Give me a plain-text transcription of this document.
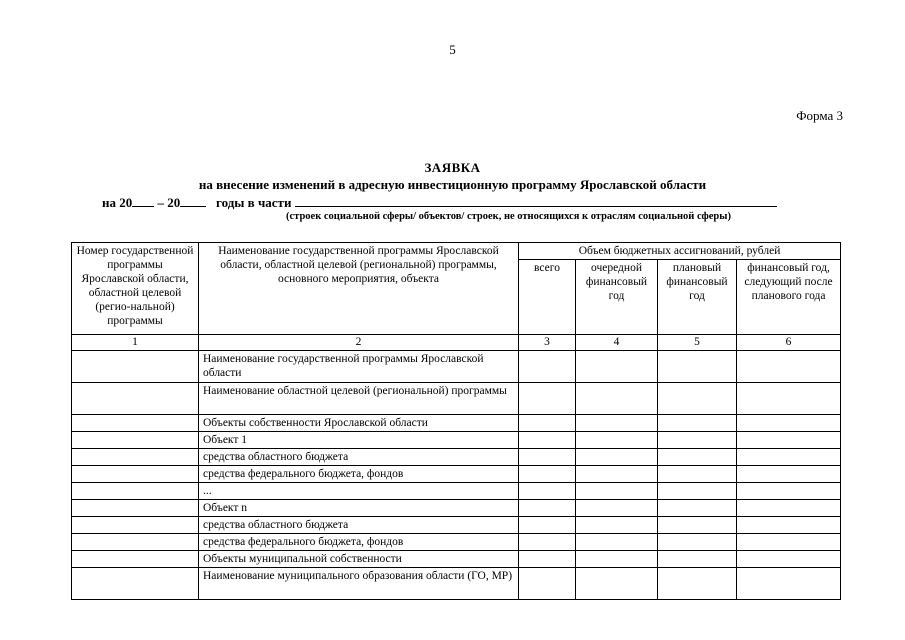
5
Форма 3
ЗАЯВКА
на внесение изменений в адресную инвестиционную программу Ярославской области
на 20 – 20	годы в части
(строек социальной сферы/ объектов/ строек, не относящихся к отраслям социальной сферы)
Номер государственной программы Ярославской области, областной целевой (регио-нальной) программы	Наименование государственной программы Ярославской области, областной целевой (региональной) программы, основного мероприятия, объекта	Объем бюджетных ассигнований, рублей			
		всего	очередной финансовый год	плановый финансовый год	финансовый год, следующий после планового года
1	2	3	4	5	6
	Наименование государственной программы Ярославской области				
	Наименование областной целевой (региональной) программы				
	Объекты собственности Ярославской области				
	Объект 1				
	средства областного бюджета				
	средства федерального бюджета, фондов				
	...				
	Объект n				
	средства областного бюджета				
	средства федерального бюджета, фондов				
	Объекты муниципальной собственности				
	Наименование муниципального образования области (ГО, МР)				
